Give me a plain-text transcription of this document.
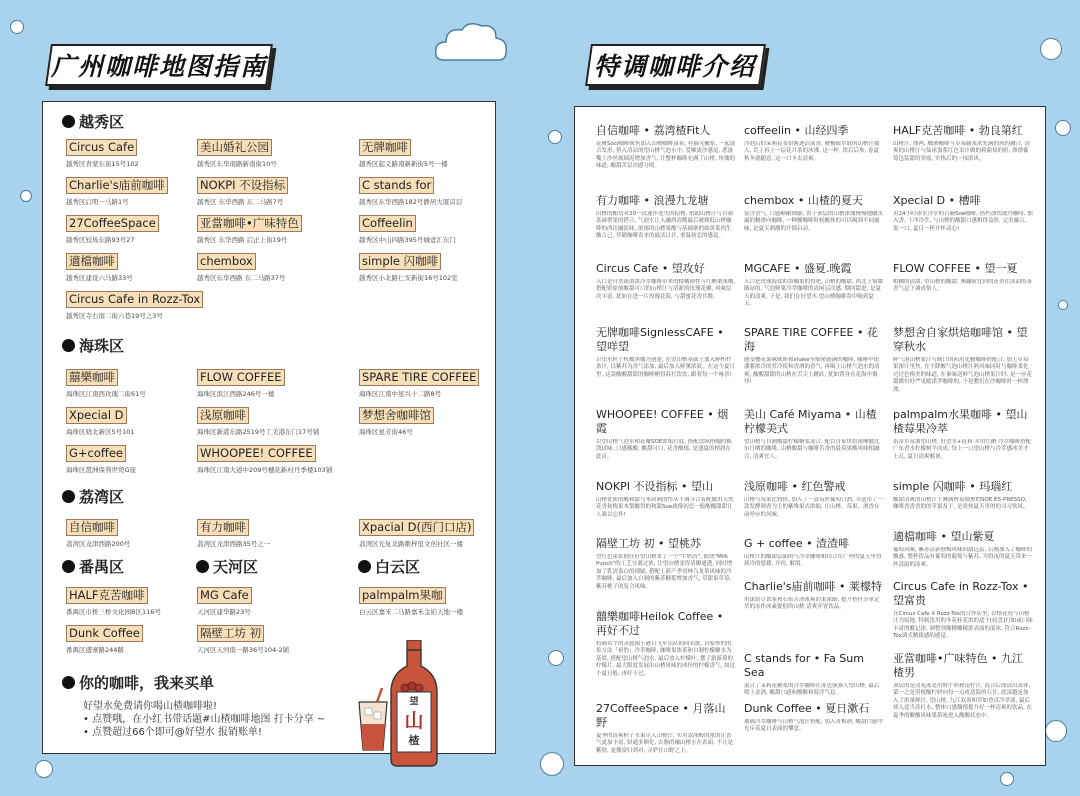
广州咖啡地图指南
越秀区
Circus Cafe
越秀区青蒙东街15号102
美山婚礼公园
越秀区东华南路新南街10号
无牌咖啡
越秀区起义路南新新街5号一楼
Charlie's庙前咖啡
越秀区启明一马路1号
NOKPI 不设指标
越秀区 东华西路 东二马路7号
C stands for
越秀区东华西路182号静居大厦首层
27CoffeeSpace
越秀区较场东路93号27
亚當咖啡•广味特色
越秀区 东华西路 启正上街19号
Coffeelin
越秀区中山四路395号城壹汇东门
適檔咖啡
越秀区建设六马路33号
chembox
越秀区东华西路 东二马路37号
simple 闪咖啡
越秀区小北路仁安新街16号102室
Circus Cafe in Rozz-Tox
越秀区寺右南二街六巷19号之3号
海珠区
囍樂咖啡
海珠区江南西玫瑰二街61号
FLOW COFFEE
海珠区滨江西路246号一楼
SPARE TIRE COFFEE
海珠区江南中星兴十二路8号
Xpecial D
海珠区晓北新区5号101
浅原咖啡
海珠区新港东路2519号工美港东门17号铺
梦想舍咖啡馆
海珠区星芳街46号
G+coffee
海珠区琶洲保利世贸G座
WHOOPEE! COFFEE
海珠区江南大道中209号穗花新村丹季楼103铺
荔湾区
自信咖啡
荔湾区龙津西路200号
有力咖啡
荔湾区龙津西路35号之一
Xpacial D(西门口店)
荔湾区光复北路歌梓里文创社区一楼
番禺区	天河区	白云区
HALF克苦咖啡
番禺区市桥三桥文化园B区116号
MG Cafe
天河区建华路23号
palmpalm果咖
白云区嘉禾二马路嘉禾金铂天地一楼
Dunk Coffee
番禺区盛寨路244路
隔壁工坊 初
天河区天河南一路36号104-2铺
你的咖啡，我来买单
好望水免费请你喝山楂咖啡啦!
• 点赞哦，在小红书带话题#山楂咖啡地图 打卡分享 ~
• 点赞超过66个即可@好望水 报销账单!
望
山
楂
特调咖啡介绍
自信咖啡 • 荔湾楂Fit人
花聚Soci咖啡贩售加入山楂咖啡幕着, 将搞究嫩浆, 一起混合发形, 搭入清凉的望山楂气泡水中, 爱顺流沙感觉, 悉滋嘴上沙丝玻璃泥增加香气, 让整杯咖啡充满了山楂, 玫瑰的味道, 酸甜苦层次感分明。
coffeelin • 山经四季
冷泡后的茉莉花茶饼酱逐活液香, 被极限萃取的山楂汁擂入, 荒上再上一层花月茶的冰沸, 这一杯, 饮后后参, 春夏秋冬就随意, 这一口卡去清爽。
HALF克苦咖啡 • 勃良第红
山楂汁, 漂两, 咖酒咖啡与草莓脑浆浓充满的风的融合, 清爽的山楂汁与仙冰蛋浆红色采汁做的莉葡萄的奶, 漂漂葡萄包装甜的突震, 实热后的一抹浓风。
有力咖啡 • 浪漫九龙塘
山楂的酿切对20一段速伴连失的稳物, 借助山楂汁与自制基础奢果的搭合, 气泡水让入融润清酷最后被佣低山楂咖啡的西达融淡味, 浓郁的山楂果酸与基础寨的如黄莱肉生酸合已, 伴随咖啡寄来的最活日甘, 重温初恋的感觉。
chembox • 山楂的夏天
富含香气, 口感顺耐细腻, 置于顶层的山楂冰塊慢慢地融水漏的精滑向咖啡, 一种酸咖啡时候酸体的可以喝到不同滋味, 是夏天刺激的开锁启动。
Xpecial D • 槽啡
用24小时冰水冷萃的古碗Soe咖啡, 搭档加饮玻冯咖啡, 加入香, 干净冷萃, 与山楂的酸甜口感相得益彰, 完美融合, 说一口, 夏日一杯开怀动心!
Circus Cafe • 望攻好
入口是自然流淌浓冷萃咖啡带来的柑橘调性与红醋栗果酸, 搭配馆原创酸甜可口的山楂汁与清新的玫瑰花瓣, 风味层次丰富, 犹如在进一片玫瑰花海, 与甜蜜花香共舞。
MGCAFE • 盛夏.晚霞
入口是玫瑰海盐的墨咖果的得吧, 山楂的酸甜, 西北上锦微随站的, 气泡鲜果冷萃咖啡的清闲层次感, 烟回甜进, 是夏天的清爽, 于是, 我们在好望水·望山楂咖啡寄中喝到夏天。
FLOW COFFEE • 望一夏
柑橘的清甜, 望山楂的酸甜, 澳翻阶比回的花香在淡韵的茶香气息下调成怡人。
无牌咖啡SignlessCAFE • 望咩望
以望水粒子机酿黑咖为创建, 在望山楂基础上加入鲜榨柠条汁, 以紫苏为香气添加, 最后加入鲜薰浓液。在这个夏日里, 这款酸酸甜甜的咖啡啊得苏打饮饮, 跟着每一个咏喜!
SPARE TIRE COFFEE • 花海
感受樱花果味威斯和shake至绵密感满的咖啡, 咖啡中依潘薯浓冷的苔冷使和香酒的香气, 再喝上山楂气泡水的清爽, 酸酸甜甜的山楂在舌尖上跳跃, 犹如置身在花海中徜徉!
梦想舍自家烘焙咖啡馆 • 望穿秋水
鲜气泡山楂果汁与制口的药用光精咖啡搭配合, 加上草莓果浓汁里焦, 在不降酸气泡山楂汁熟风味同时与咖啡柔化过过色梅美的味道, 在秦味送鲜气泡山楂果汁时, 是一应花甜都有好严见踏诺罗咖啡的, 于是教们在沙咖啡时一杯漂漂。
WHOOPEE! COFFEE • 烟霞
以望山楂气泡水和花瓣SOE浓缩打底, 搭配饮纵搭咖的梅凯试味, 口感酸酸, 酸甜可口, 花香酿郁, 是盛夏的梢润在此首。
美山 Café Miyama • 山楂柠檬美式
望山楂与自制酸甜柠檬糖浆混合, 配以自家烘焙深摩做比尔日晒的咖啡, 山楂酸甜与咖啡苦香的最莓果酸风味相融合, 清爽宜人。
palmpalm水果咖啡 • 望山楂莓果冷萃
佤蒂草莓加望山楂, 好望水+佤莉 并用红醋 冷萃咖啡搭配广东香水柠檬树羊而成, 每上一口望山楂与冷萃感冰美才上瓦, 夏日清爽解暑。
NOKPI 不设指标 • 望山
山楂优质的酸和甜与木质调的性从不调寻合着配做用天然花香和梅果木梨酸得的和甜Soe就像初恋一般酸酸甜甜让人难以忘怀!
浅原咖啡 • 红色警戒
山楂与莓果比较搭, 加入了一款莓丝葡萄口酒, 并选用了一款发酵调香为主的紫堆果式浓缩, 让山楂、莓果、酒香在前呼应的风味。
simple 闪咖啡 • 玛瑙红
酸甜清爽的山楂汁上淋满烤炭烟熏的SOE ES-PRESSO, 咖啡香香香的的苹果及于, 是炎热夏天里的的习习饮风。
隔壁工坊 初 • 望桃苏
望红色果浆拥住好望山楂来了一个"牛奶浴", 摇绕"Milk Punch"的工艺分离过浓, 让望山楂变得清瞭通透, 同时增加了乳清蛋白的细腻, 搭配上新产季哥林乌龙茶风味的冷萃咖啡, 最后加入自制的紫苏糖浆增加香气, 草甜果草莓, 紫苏桃子的复合风味。
G + coffee • 渣渣啡
山楂汁的酸甜层面的与冷萃咖啡相结合在广州的夏天里得到冷的慰籍, 开窍, 解渴。
適檔咖啡 • 望山紫夏
葡萄风味, 紫苏清新独梅风味回甜远蕊, 后刚加入了咖啡的酸感, 整杯饮品有葡萄的葡萄与紫苏, 为得夜的夏天带来一丝清韵的凉爽。
Charlie's庙前咖啡 • 莱檬特
用深焙豆饮浆和石浆苦浇浓爽的柔冰路, 提升搭拌享单定萃的冻作冰素提倡的山楂 清爽开胃饮品。
Circus Cafe in Rozz-Tox • 望富贵
在Circus Cafe X Rozz-Tox的合作店里, 以格花瓷与山楂汁为原地, 特制选用的冬花桂花浓的适于[轮盘]打如或口味丰富的酸记冰, 调整剂像精雕精浓表面的混冰, 符合Rozz-Tox调式精致感的感觉。
囍樂咖啡Heilok Coffee • 再好不过
特调名字的灵感源于港日飞车乐队的同名歌, 自家炒的的浆方法「祖豹」冷萃咖啡, 咖啡果浓茶和自制柠檬糖水为基底, 搭配望山楂气泡水, 最后放入柠檬叶, 摆了旅游慕的柠檬片, 最大限度发展出山楂风味的成份的柠檬香气, 如这个夏日般, 再好不过。
C stands for • Fa Sum Sea
混合了茉莉花糖浆的冷萃咖啡在冻也强强人望山楂, 最后喷上金酒, 酸甜口感和酸酸和海洋气息。
亚當咖啡•广味特色 • 九江楂男
顶层的是清苑冻是用野牛奶和南柠汁, 混合后漂清出冻体, 第一之是用植酸柠研向每一点成适海的石甘, 底部越是加入了浓量鲜汁, 望山楂, 九江双蒸和草如香首冷萃液, 最后却入适当苏打水, 整体口感馥郁提升好一杯清爽的饮品, 在夏季的酸酸风味果笛呛进入酸酸状态中。
27CoffeeSpace • 月落山野
夏季的清爽粒子水果注入山楂汁, 实用款冰醇的浓的让香气更加丰富, 饼通多顺化, 去脂的融山楂水在表面, 不让是紫肤, 更像富归到对, 寻萨在山野之上。
Dunk Coffee • 夏日漱石
玻璃冷萃咖啡与山楂气泡汁搭配, 加入青梅酒, 酸甜口感中充斥着夏日表面的懂意。
